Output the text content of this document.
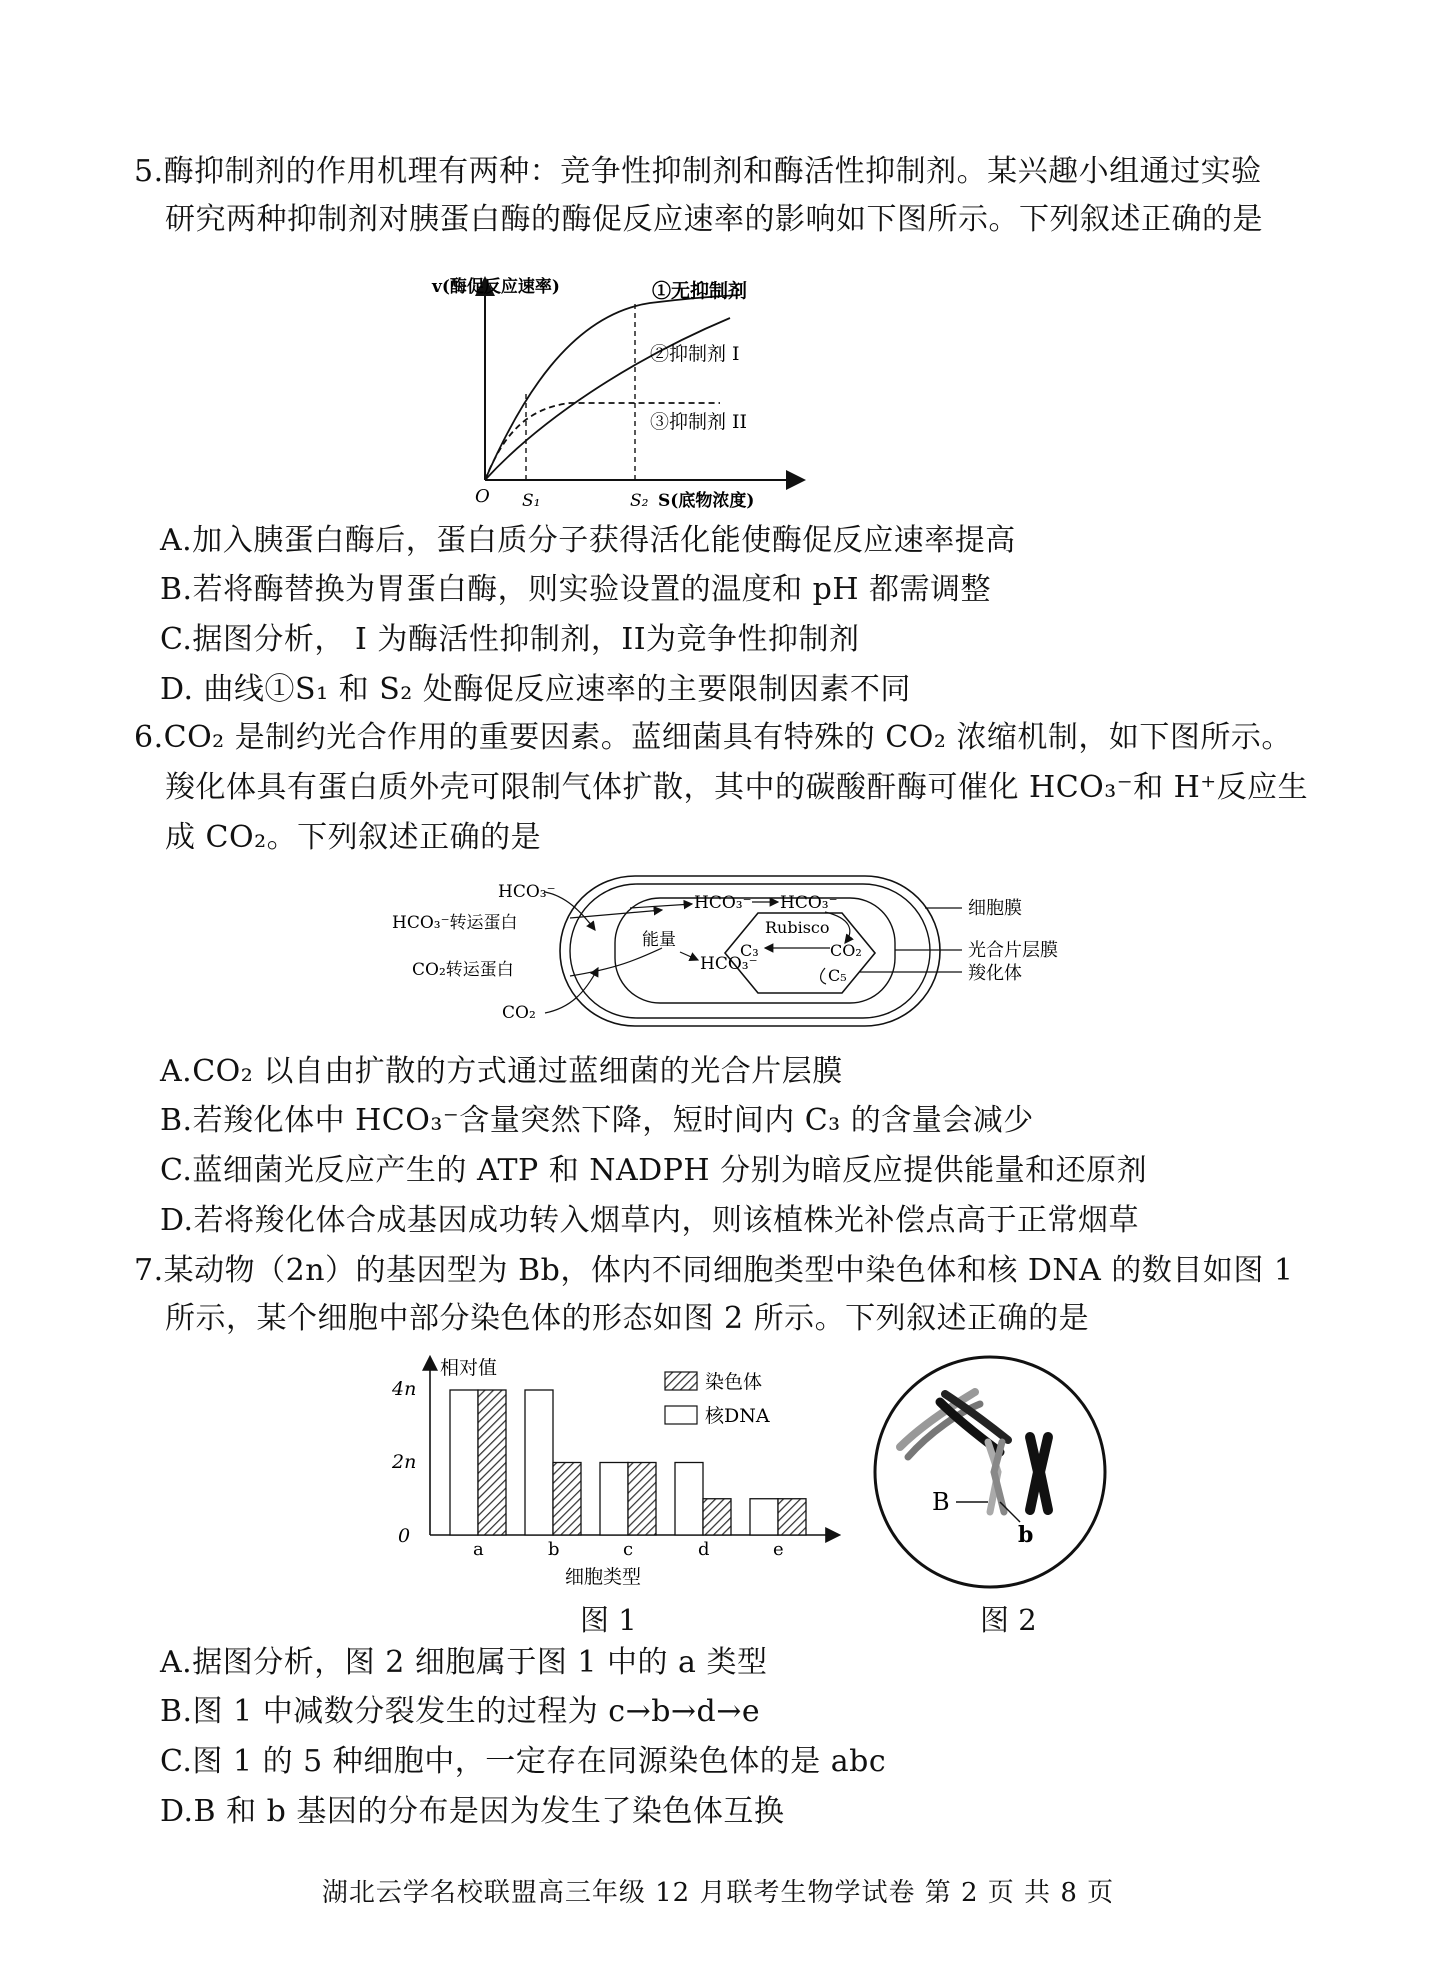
5.酶抑制剂的作用机理有两种：竞争性抑制剂和酶活性抑制剂。某兴趣小组通过实验
研究两种抑制剂对胰蛋白酶的酶促反应速率的影响如下图所示。下列叙述正确的是
v(酶促反应速率)
O S₁	S₂ S(底物浓度)
①无抑制剂
②抑制剂 I
③抑制剂 II
A.加入胰蛋白酶后，蛋白质分子获得活化能使酶促反应速率提高
B.若将酶替换为胃蛋白酶，则实验设置的温度和 pH 都需调整
C.据图分析， I 为酶活性抑制剂，II为竞争性抑制剂
D. 曲线①S₁ 和 S₂ 处酶促反应速率的主要限制因素不同
6.CO₂ 是制约光合作用的重要因素。蓝细菌具有特殊的 CO₂ 浓缩机制，如下图所示。
羧化体具有蛋白质外壳可限制气体扩散，其中的碳酸酐酶可催化 HCO₃⁻和 H⁺反应生
成 CO₂。下列叙述正确的是
HCO₃⁻
HCO₃⁻转运蛋白
CO₂转运蛋白
CO₂
能量
HCO₃⁻ HCO₃⁻
HCO₃⁻
Rubisco
C₃	CO₂
C₅
细胞膜
光合片层膜
羧化体
A.CO₂ 以自由扩散的方式通过蓝细菌的光合片层膜
B.若羧化体中 HCO₃⁻含量突然下降，短时间内 C₃ 的含量会减少
C.蓝细菌光反应产生的 ATP 和 NADPH 分别为暗反应提供能量和还原剂
D.若将羧化体合成基因成功转入烟草内，则该植株光补偿点高于正常烟草
7.某动物（2n）的基因型为 Bb，体内不同细胞类型中染色体和核 DNA 的数目如图 1
所示，某个细胞中部分染色体的形态如图 2 所示。下列叙述正确的是
相对值
细胞类型
0
2n
4n	染色体
核DNA
a	b	c	d	e
图 1
B
b
图 2
A.据图分析，图 2 细胞属于图 1 中的 a 类型
B.图 1 中减数分裂发生的过程为 c→b→d→e
C.图 1 的 5 种细胞中，一定存在同源染色体的是 abc
D.B 和 b 基因的分布是因为发生了染色体互换
湖北云学名校联盟高三年级 12 月联考生物学试卷 第 2 页 共 8 页
